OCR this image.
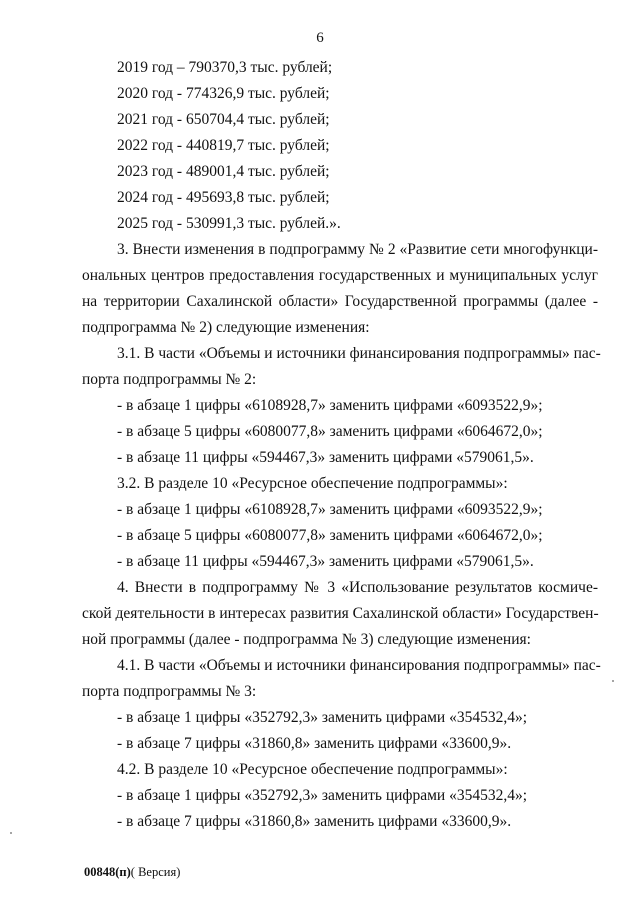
6
2019 год – 790370,3 тыс. рублей;
2020 год - 774326,9 тыс. рублей;
2021 год - 650704,4 тыс. рублей;
2022 год - 440819,7 тыс. рублей;
2023 год - 489001,4 тыс. рублей;
2024 год - 495693,8 тыс. рублей;
2025 год - 530991,3 тыс. рублей.».
3. Внести изменения в подпрограмму № 2 «Развитие сети многофункци-
ональных центров предоставления государственных и муниципальных услуг
на территории Сахалинской области» Государственной программы (далее -
подпрограмма № 2) следующие изменения:
3.1. В части «Объемы и источники финансирования подпрограммы» пас-
порта подпрограммы № 2:
- в абзаце 1 цифры «6108928,7» заменить цифрами «6093522,9»;
- в абзаце 5 цифры «6080077,8» заменить цифрами «6064672,0»;
- в абзаце 11 цифры «594467,3» заменить цифрами «579061,5».
3.2. В разделе 10 «Ресурсное обеспечение подпрограммы»:
- в абзаце 1 цифры «6108928,7» заменить цифрами «6093522,9»;
- в абзаце 5 цифры «6080077,8» заменить цифрами «6064672,0»;
- в абзаце 11 цифры «594467,3» заменить цифрами «579061,5».
4. Внести в подпрограмму № 3 «Использование результатов космиче-
ской деятельности в интересах развития Сахалинской области» Государствен-
ной программы (далее - подпрограмма № 3) следующие изменения:
4.1. В части «Объемы и источники финансирования подпрограммы» пас-
порта подпрограммы № 3:
- в абзаце 1 цифры «352792,3» заменить цифрами «354532,4»;
- в абзаце 7 цифры «31860,8» заменить цифрами «33600,9».
4.2. В разделе 10 «Ресурсное обеспечение подпрограммы»:
- в абзаце 1 цифры «352792,3» заменить цифрами «354532,4»;
- в абзаце 7 цифры «31860,8» заменить цифрами «33600,9».
00848(п)( Версия)
